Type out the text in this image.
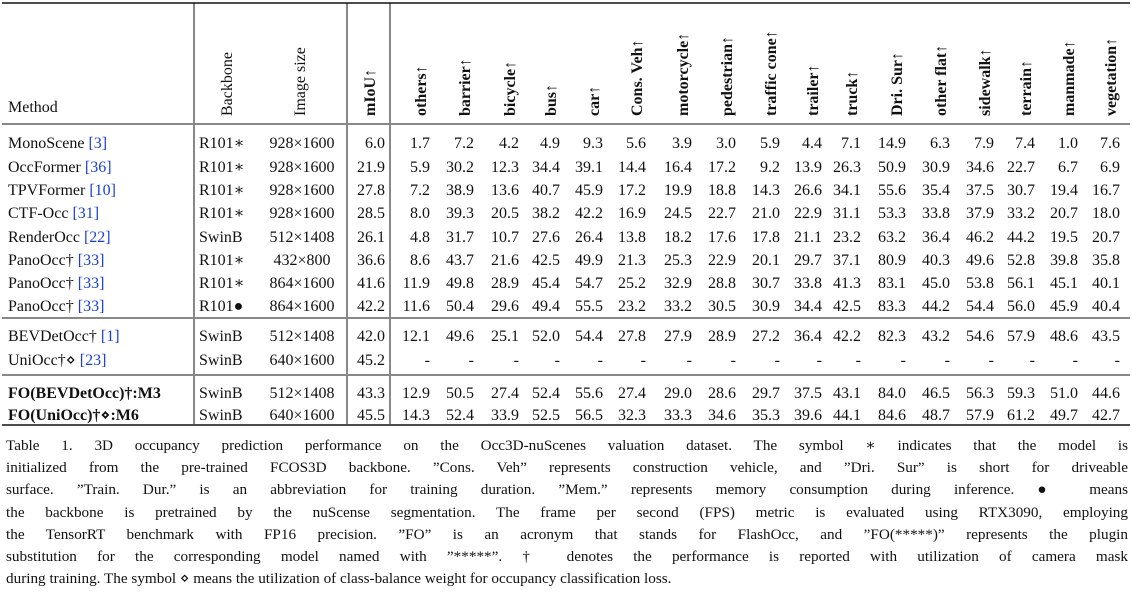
Method	Backbone	Image size	mIoU↑ others↑ barrier↑ bicycle↑ bus↑ car↑ Cons. Veh↑ motorcycle↑ pedestrian↑ traffic cone↑ trailer↑ truck↑ Dri. Sur↑ other flat↑ sidewalk↑ terrain↑ manmade↑ vegetation↑
MonoScene [3]	R101∗ 928×1600 6.0 1.7 7.2 4.2 4.9 9.3 5.6 3.9 3.0 5.9 4.4 7.1 14.9 6.3 7.9 7.4 1.0 7.6
OccFormer [36]	R101∗ 928×1600 21.9 5.9 30.2 12.3 34.4 39.1 14.4 16.4 17.2 9.2 13.9 26.3 50.9 30.9 34.6 22.7 6.7 6.9
TPVFormer [10]	R101∗ 928×1600 27.8 7.2 38.9 13.6 40.7 45.9 17.2 19.9 18.8 14.3 26.6 34.1 55.6 35.4 37.5 30.7 19.4 16.7
CTF-Occ [31]	R101∗ 928×1600 28.5 8.0 39.3 20.5 38.2 42.2 16.9 24.5 22.7 21.0 22.9 31.1 53.3 33.8 37.9 33.2 20.7 18.0
RenderOcc [22]	SwinB 512×1408 26.1 4.8 31.7 10.7 27.6 26.4 13.8 18.2 17.6 17.8 21.1 23.2 63.2 36.4 46.2 44.2 19.5 20.7
PanoOcc† [33]	R101∗ 432×800 36.6 8.6 43.7 21.6 42.5 49.9 21.3 25.3 22.9 20.1 29.7 37.1 80.9 40.3 49.6 52.8 39.8 35.8
PanoOcc† [33]	R101∗ 864×1600 41.6 11.9 49.8 28.9 45.4 54.7 25.2 32.9 28.8 30.7 33.8 41.3 83.1 45.0 53.8 56.1 45.1 40.1
PanoOcc† [33]	R101● 864×1600 42.2 11.6 50.4 29.6 49.4 55.5 23.2 33.2 30.5 30.9 34.4 42.5 83.3 44.2 54.4 56.0 45.9 40.4
BEVDetOcc† [1]	SwinB 512×1408 42.0 12.1 49.6 25.1 52.0 54.4 27.8 27.9 28.9 27.2 36.4 42.2 82.3 43.2 54.6 57.9 48.6 43.5
UniOcc†⋄ [23]	SwinB 640×1600 45.2 - - - - - -	- - - - - - - - - - -
FO(BEVDetOcc)†:M3 SwinB 512×1408 43.3 12.9 50.5 27.4 52.4 55.6 27.4 29.0 28.6 29.7 37.5 43.1 84.0 46.5 56.3 59.3 51.0 44.6
FO(UniOcc)†⋄:M6	SwinB 640×1600 45.5 14.3 52.4 33.9 52.5 56.5 32.3 33.3 34.6 35.3 39.6 44.1 84.6 48.7 57.9 61.2 49.7 42.7
Table 1. 3D occupancy prediction performance on the Occ3D-nuScenes valuation dataset. The symbol ∗ indicates that the model is
initialized from the pre-trained FCOS3D backbone. ”Cons. Veh” represents construction vehicle, and ”Dri. Sur” is short for driveable
surface. ”Train. Dur.” is an abbreviation for training duration. ”Mem.” represents memory consumption during inference. ● means
the backbone is pretrained by the nuScense segmentation. The frame per second (FPS) metric is evaluated using RTX3090, employing
the TensorRT benchmark with FP16 precision. ”FO” is an acronym that stands for FlashOcc, and ”FO(*****)” represents the plugin
substitution for the corresponding model named with ”*****”. † denotes the performance is reported with utilization of camera mask
during training. The symbol ⋄ means the utilization of class-balance weight for occupancy classification loss.
